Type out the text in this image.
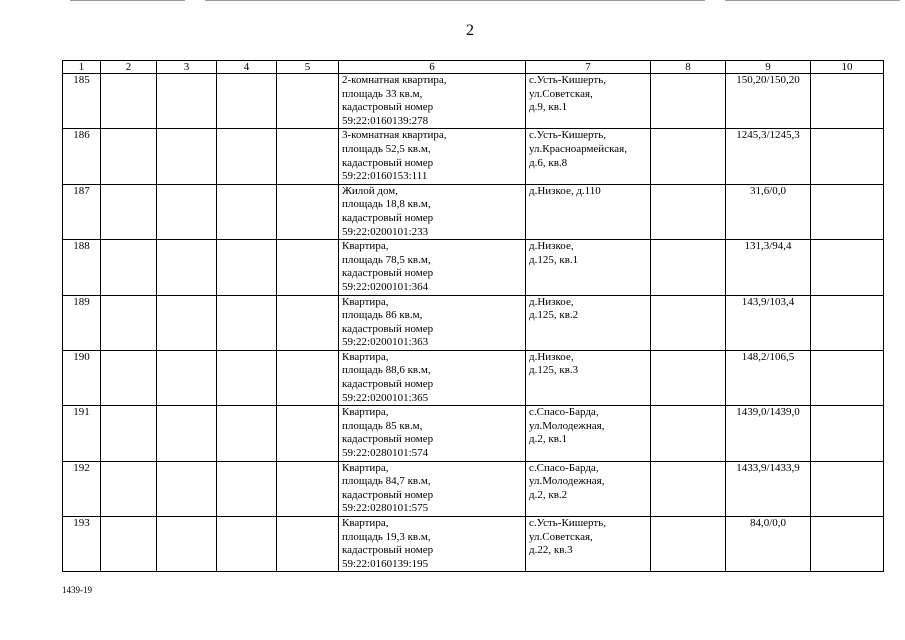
2
1	2	3	4	5	6	7	8	9	10
185					2-комнатная квартира,
площадь 33 кв.м,
кадастровый номер
59:22:0160139:278	с.Усть-Кишерть,
ул.Советская,
д.9, кв.1		150,20/150,20	
186					3-комнатная квартира,
площадь 52,5 кв.м,
кадастровый номер
59:22:0160153:111	с.Усть-Кишерть,
ул.Красноармейская,
д.6, кв.8		1245,3/1245,3	
187					Жилой дом,
площадь 18,8 кв.м,
кадастровый номер
59:22:0200101:233	д.Низкое, д.110		31,6/0,0	
188					Квартира,
площадь 78,5 кв.м,
кадастровый номер
59:22:0200101:364	д.Низкое,
д.125, кв.1		131,3/94,4	
189					Квартира,
площадь 86 кв.м,
кадастровый номер
59:22:0200101:363	д.Низкое,
д.125, кв.2		143,9/103,4	
190					Квартира,
площадь 88,6 кв.м,
кадастровый номер
59:22:0200101:365	д.Низкое,
д.125, кв.3		148,2/106,5	
191					Квартира,
площадь 85 кв.м,
кадастровый номер
59:22:0280101:574	с.Спасо-Барда,
ул.Молодежная,
д.2, кв.1		1439,0/1439,0	
192					Квартира,
площадь 84,7 кв.м,
кадастровый номер
59:22:0280101:575	с.Спасо-Барда,
ул.Молодежная,
д.2, кв.2		1433,9/1433,9	
193					Квартира,
площадь 19,3 кв.м,
кадастровый номер
59:22:0160139:195	с.Усть-Кишерть,
ул.Советская,
д.22, кв.3		84,0/0,0	
1439-19
